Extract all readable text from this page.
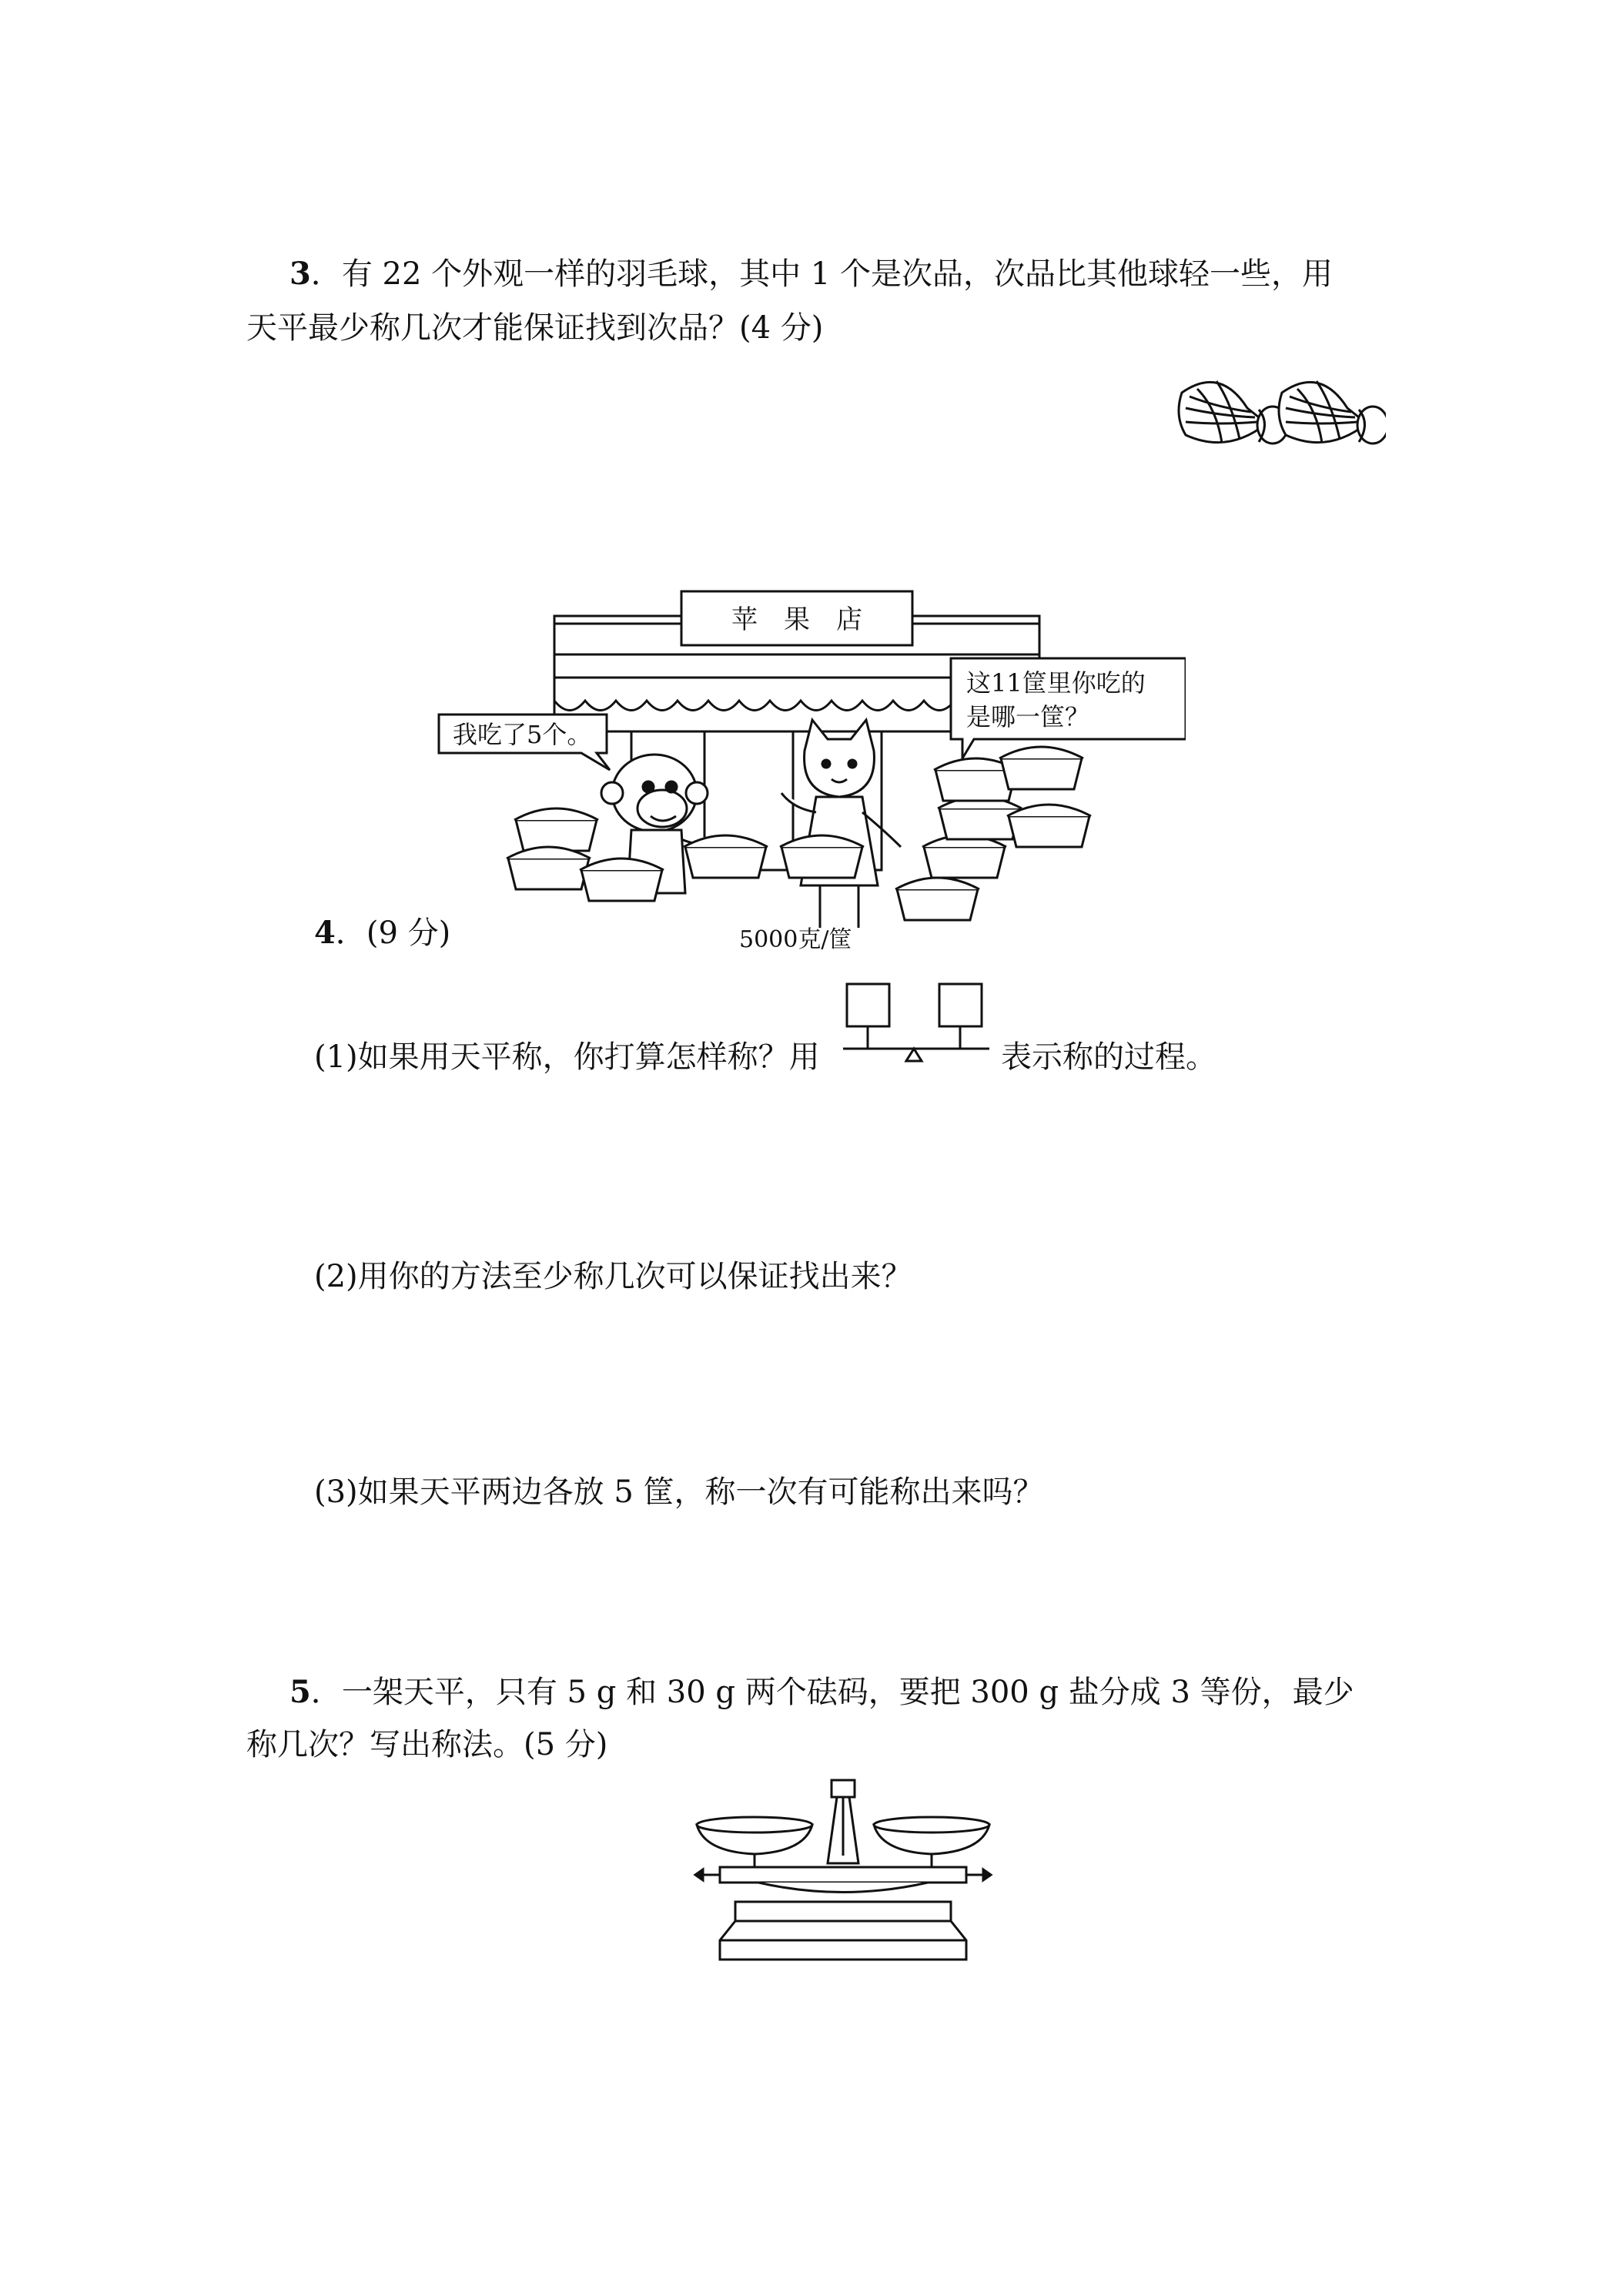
3．有 22 个外观一样的羽毛球，其中 1 个是次品，次品比其他球轻一些，用
天平最少称几次才能保证找到次品？(4 分)
苹　果　店
我吃了5个。
这11筐里你吃的
是哪一筐？
5000克/筐
4．(9 分)
(1)如果用天平称，你打算怎样称？用	表示称的过程。
(2)用你的方法至少称几次可以保证找出来？
(3)如果天平两边各放 5 筐，称一次有可能称出来吗？
5．一架天平，只有 5 g 和 30 g 两个砝码，要把 300 g 盐分成 3 等份，最少
称几次？写出称法。(5 分)
